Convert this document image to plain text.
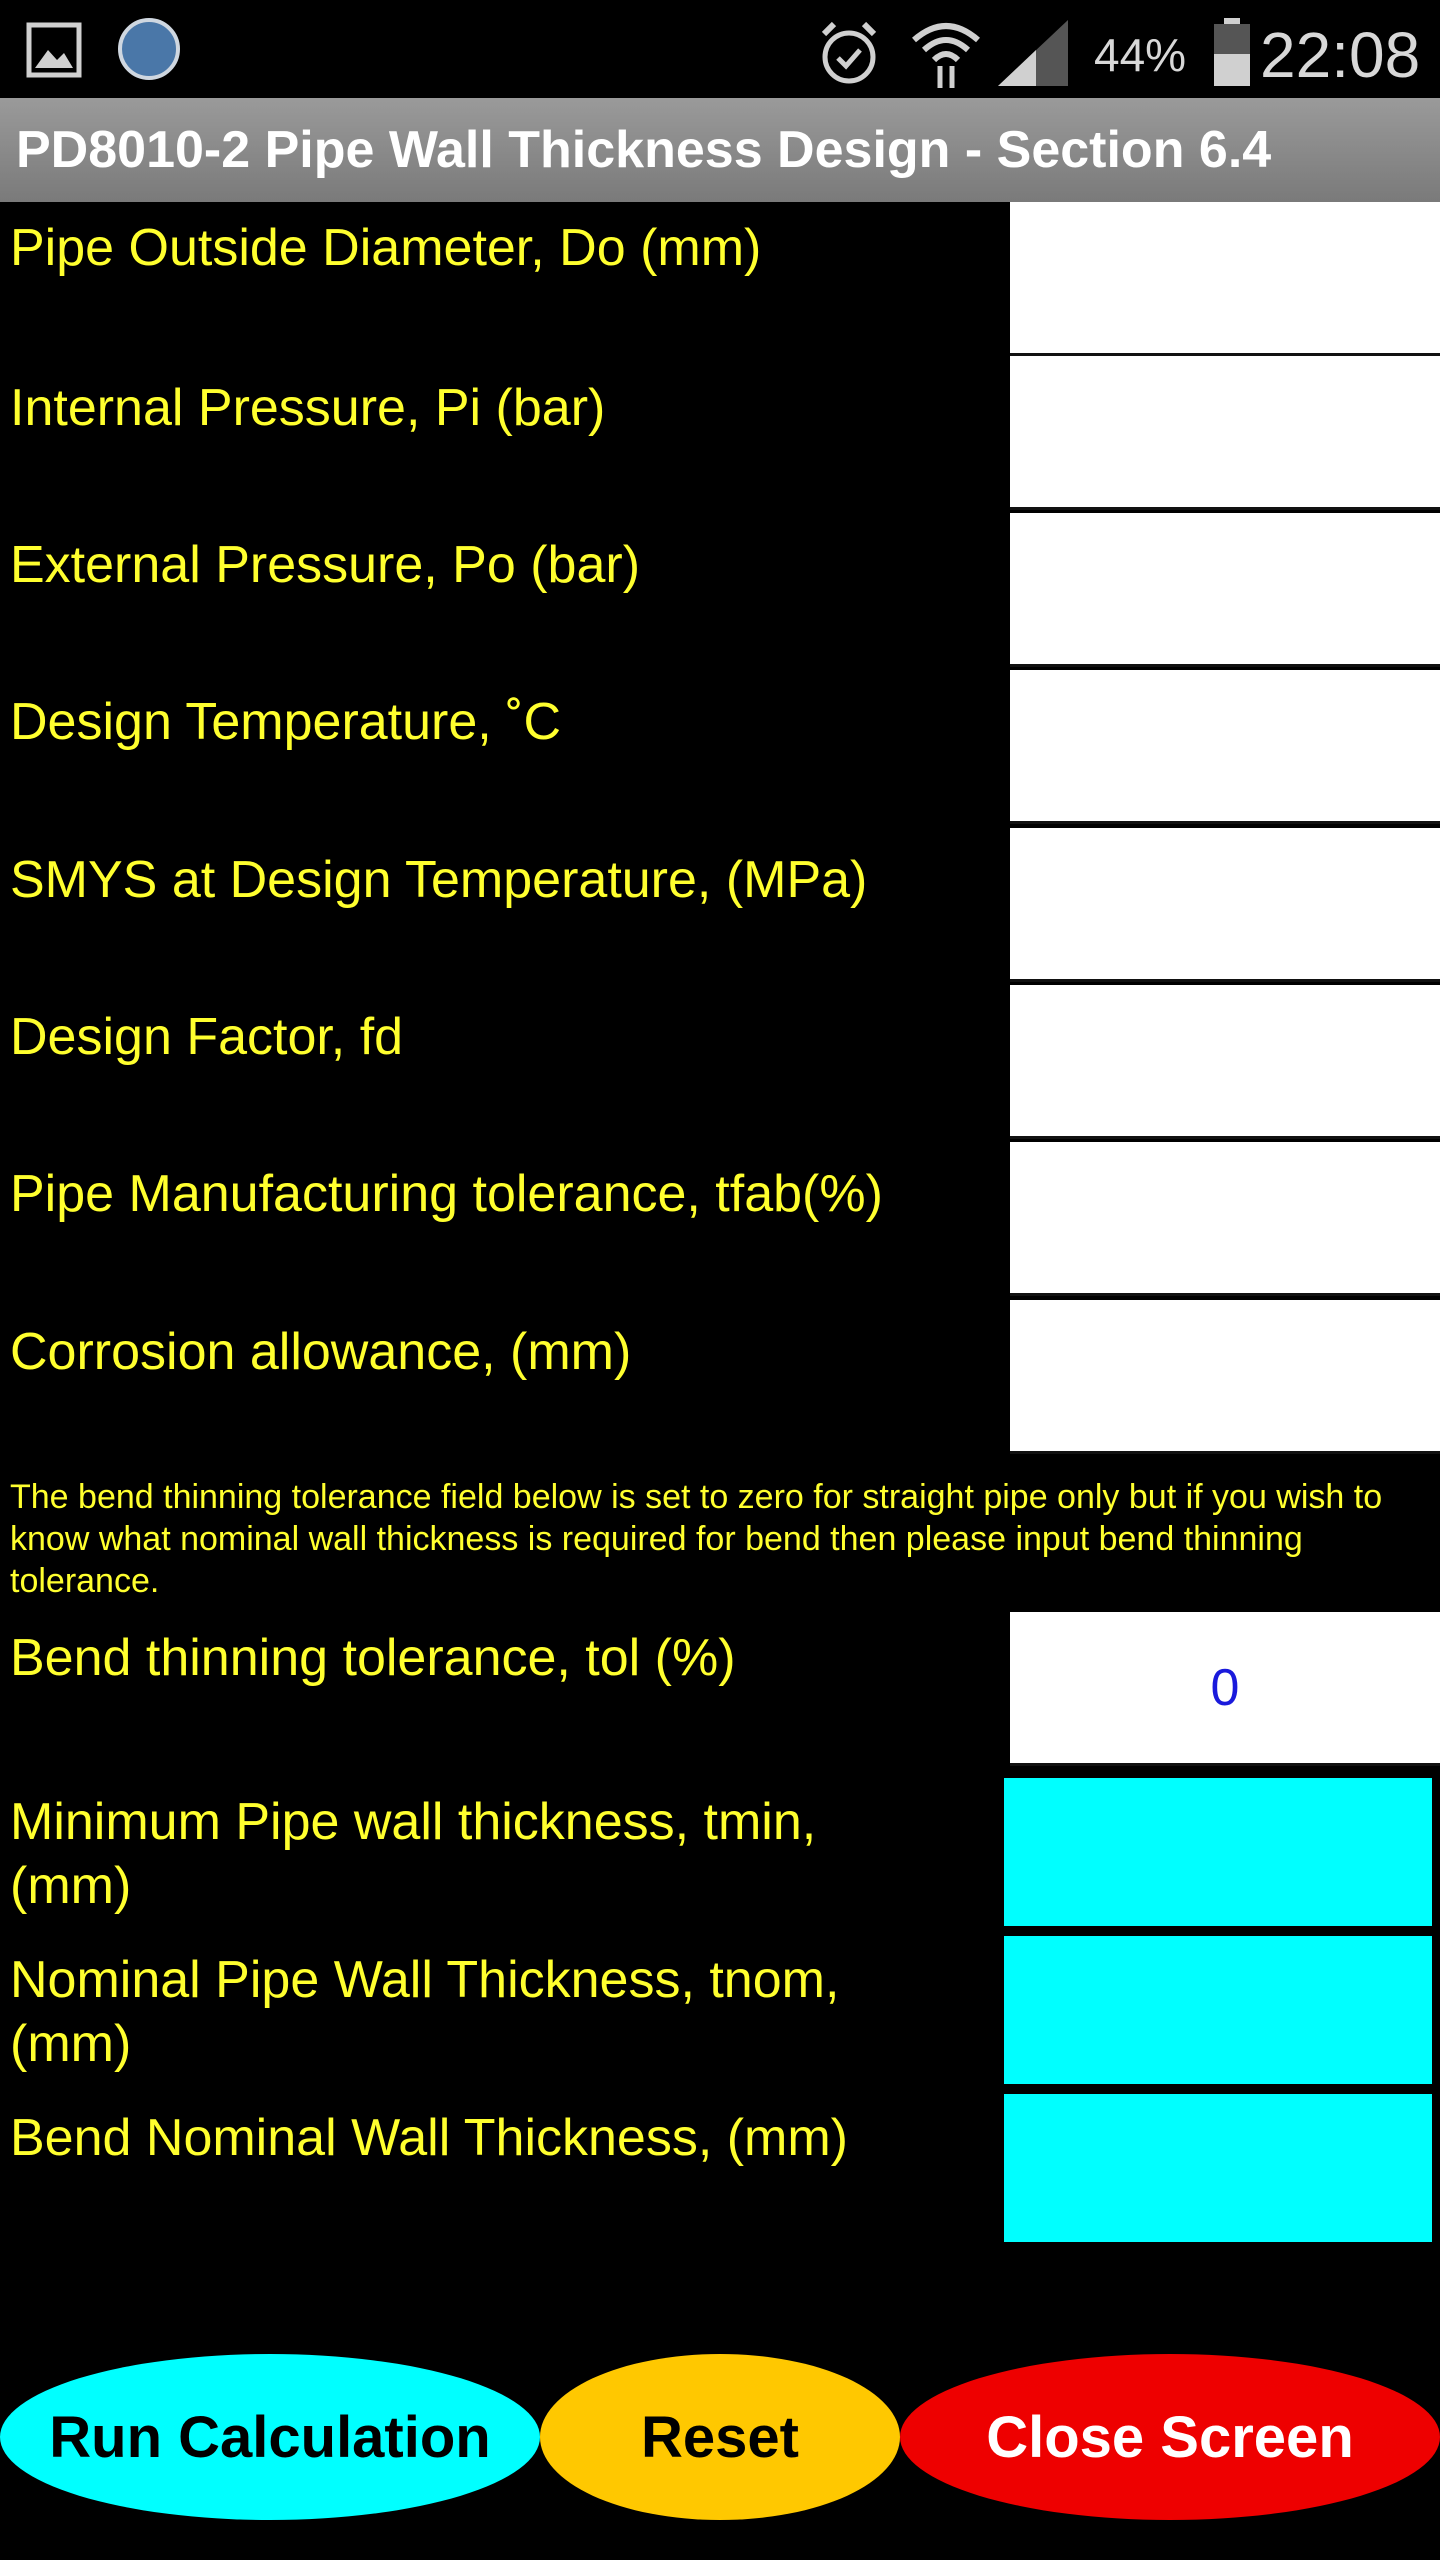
44% 22:08
PD8010-2 Pipe Wall Thickness Design - Section 6.4
Pipe Outside Diameter, Do (mm)
Internal Pressure, Pi (bar)
External Pressure, Po (bar)
Design Temperature, ˚C
SMYS at Design Temperature, (MPa)
Design Factor, fd
Pipe Manufacturing tolerance, tfab(%)
Corrosion allowance, (mm)
The bend thinning tolerance field below is set to zero for straight pipe only but if you wish to know what nominal wall thickness is required for bend then please input bend thinning tolerance.
Bend thinning tolerance, tol (%)
0
Minimum Pipe wall thickness, tmin, (mm)
Nominal Pipe Wall Thickness, tnom, (mm)
Bend Nominal Wall Thickness, (mm)
Run Calculation	Reset	Close Screen
